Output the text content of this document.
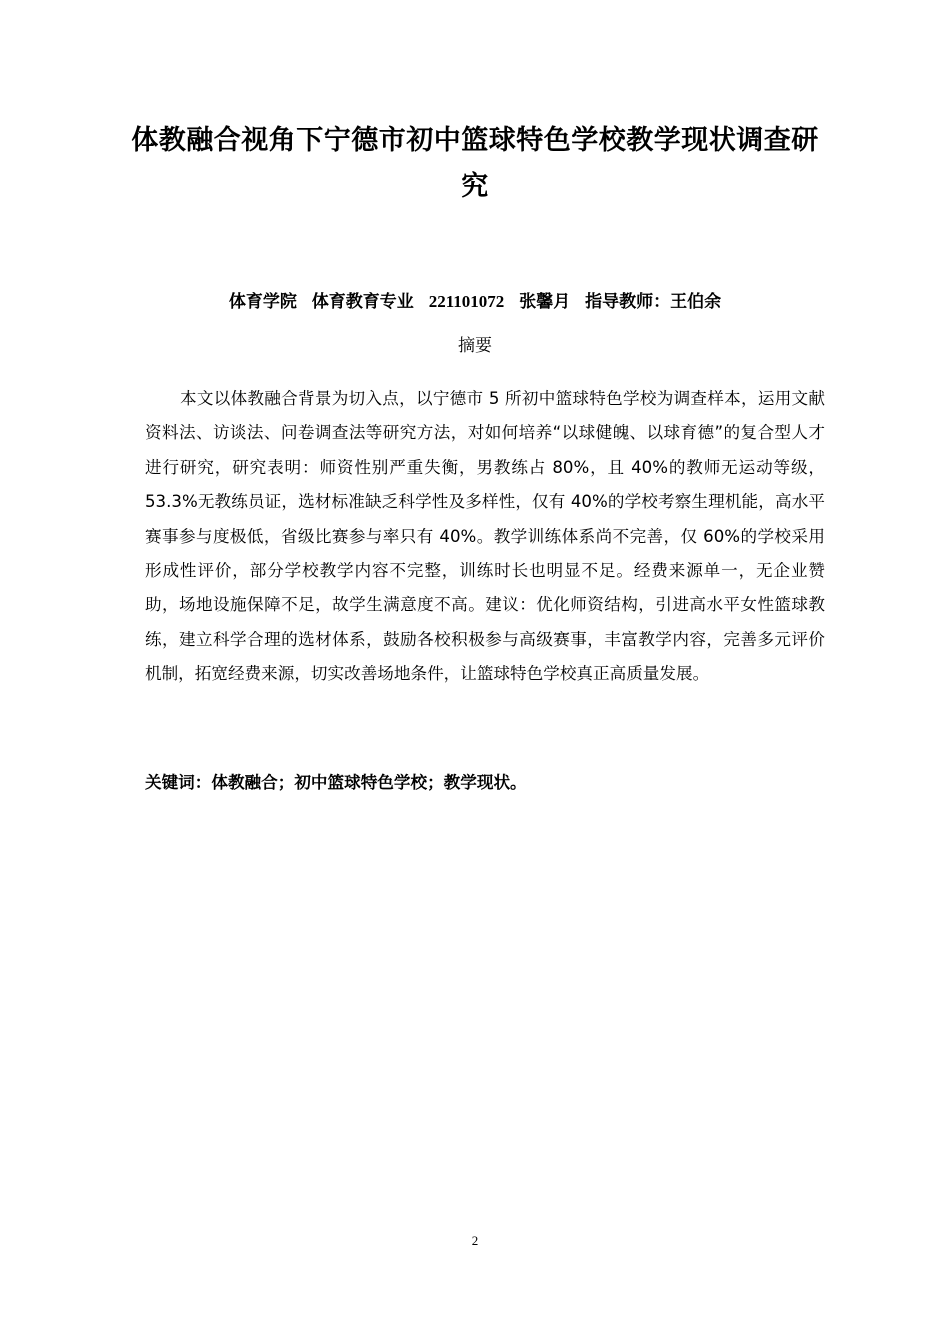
体教融合视角下宁德市初中篮球特色学校教学现状调查研究
体育学院 体育教育专业 221101072 张馨月 指导教师：王伯余
摘要

本文以体教融合背景为切入点，以宁德市 5 所初中篮球特色学校为调查样本，运用文献资料法、访谈法、问卷调查法等研究方法，对如何培养“以球健魄、以球育德”的复合型人才进行研究，研究表明：师资性别严重失衡，男教练占 80%，且 40%的教师无运动等级，53.3%无教练员证，选材标准缺乏科学性及多样性，仅有 40%的学校考察生理机能，高水平赛事参与度极低，省级比赛参与率只有 40%。教学训练体系尚不完善，仅 60%的学校采用形成性评价，部分学校教学内容不完整，训练时长也明显不足。经费来源单一，无企业赞助，场地设施保障不足，故学生满意度不高。建议：优化师资结构，引进高水平女性篮球教练，建立科学合理的选材体系，鼓励各校积极参与高级赛事，丰富教学内容，完善多元评价机制，拓宽经费来源，切实改善场地条件，让篮球特色学校真正高质量发展。

关键词：体教融合；初中篮球特色学校；教学现状。
2
